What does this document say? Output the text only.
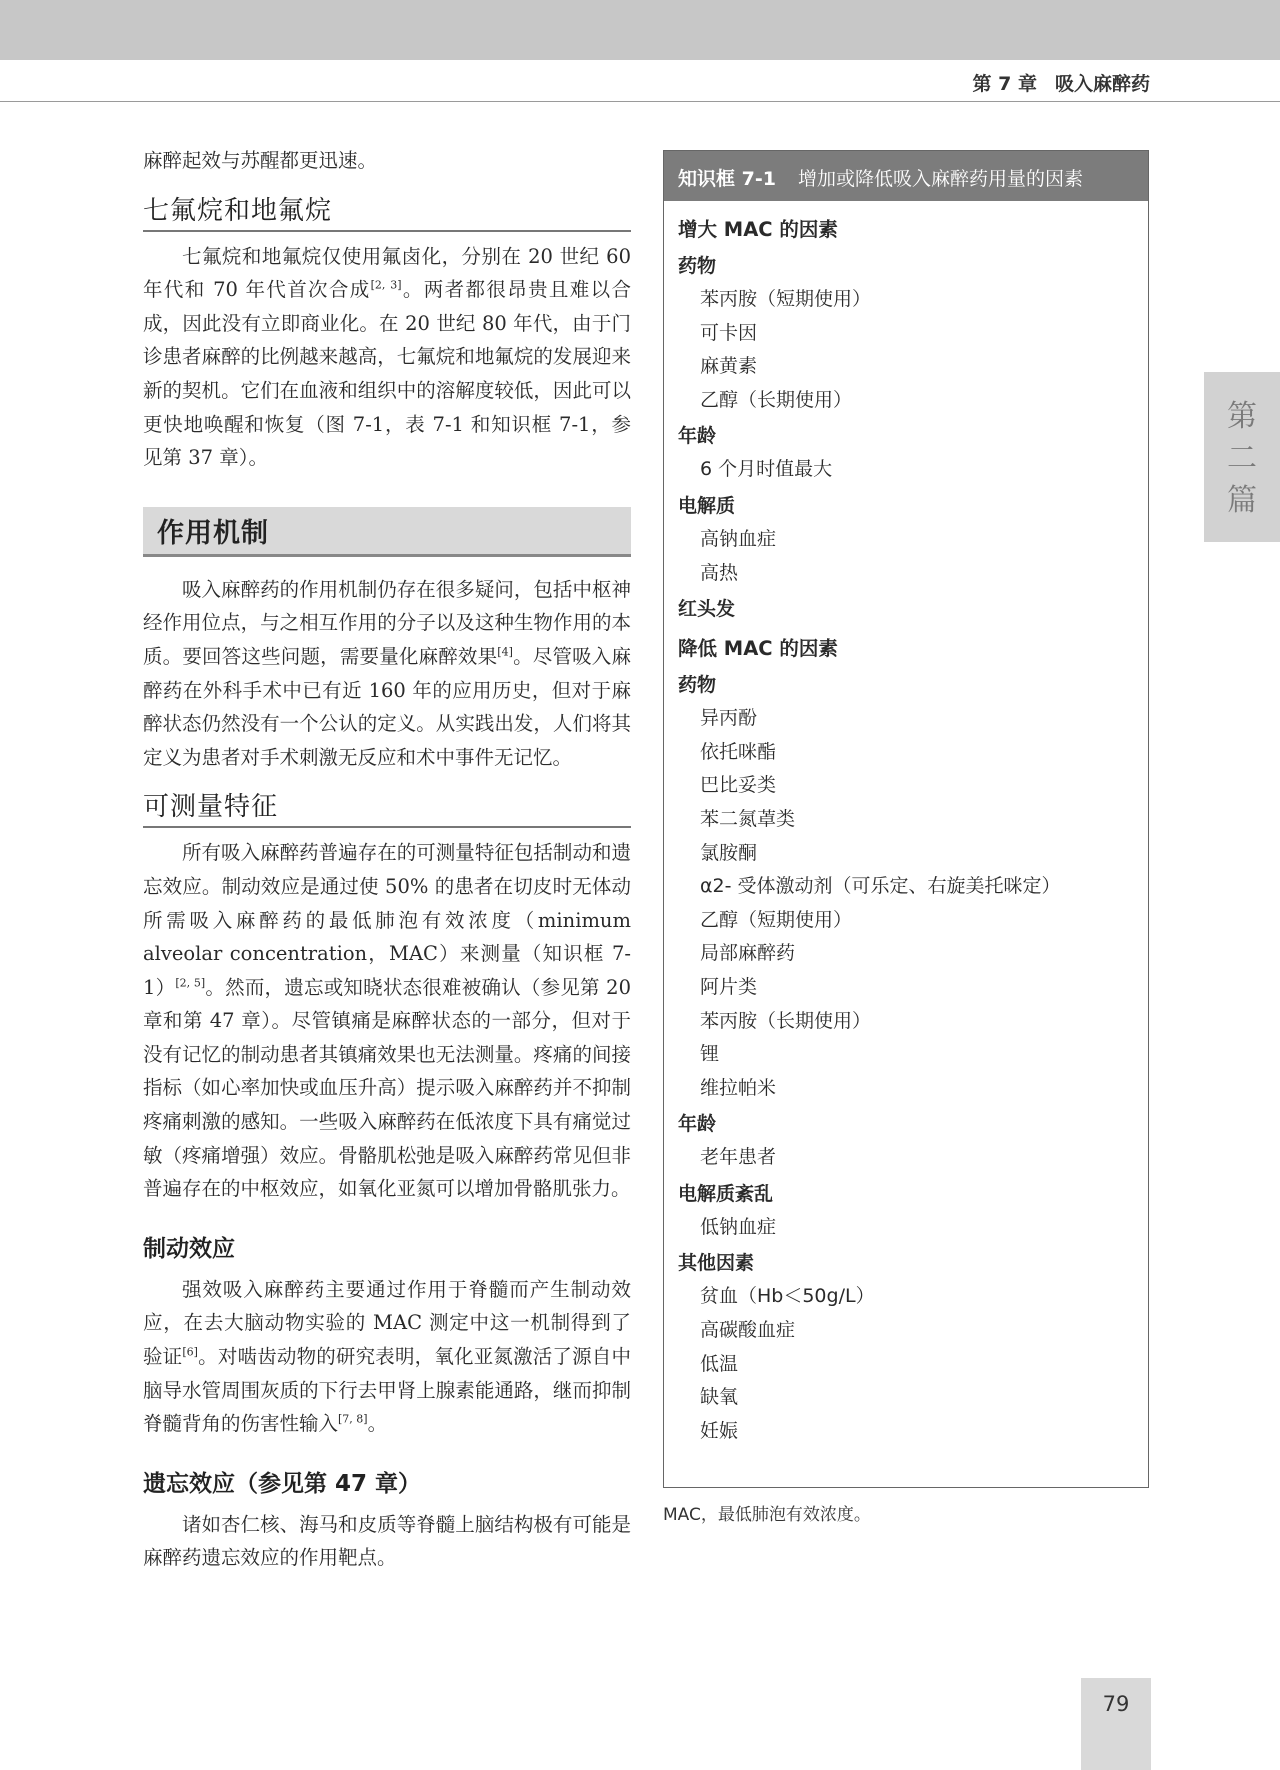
第 7 章 吸入麻醉药

麻醉起效与苏醒都更迅速。

七氟烷和地氟烷

七氟烷和地氟烷仅使用氟卤化，分别在 20 世纪 60 年代和 70 年代首次合成[2, 3]。两者都很昂贵且难以合成，因此没有立即商业化。在 20 世纪 80 年代，由于门诊患者麻醉的比例越来越高，七氟烷和地氟烷的发展迎来新的契机。它们在血液和组织中的溶解度较低，因此可以更快地唤醒和恢复（图 7-1，表 7-1 和知识框 7-1，参见第 37 章）。

作用机制

吸入麻醉药的作用机制仍存在很多疑问，包括中枢神经作用位点，与之相互作用的分子以及这种生物作用的本质。要回答这些问题，需要量化麻醉效果[4]。尽管吸入麻醉药在外科手术中已有近 160 年的应用历史，但对于麻醉状态仍然没有一个公认的定义。从实践出发，人们将其定义为患者对手术刺激无反应和术中事件无记忆。

可测量特征

所有吸入麻醉药普遍存在的可测量特征包括制动和遗忘效应。制动效应是通过使 50% 的患者在切皮时无体动所需吸入麻醉药的最低肺泡有效浓度（minimum alveolar concentration，MAC）来测量（知识框 7-1）[2, 5]。然而，遗忘或知晓状态很难被确认（参见第 20 章和第 47 章）。尽管镇痛是麻醉状态的一部分，但对于没有记忆的制动患者其镇痛效果也无法测量。疼痛的间接指标（如心率加快或血压升高）提示吸入麻醉药并不抑制疼痛刺激的感知。一些吸入麻醉药在低浓度下具有痛觉过敏（疼痛增强）效应。骨骼肌松弛是吸入麻醉药常见但非普遍存在的中枢效应，如氧化亚氮可以增加骨骼肌张力。

制动效应

强效吸入麻醉药主要通过作用于脊髓而产生制动效应，在去大脑动物实验的 MAC 测定中这一机制得到了验证[6]。对啮齿动物的研究表明，氧化亚氮激活了源自中脑导水管周围灰质的下行去甲肾上腺素能通路，继而抑制脊髓背角的伤害性输入[7, 8]。

遗忘效应（参见第 47 章）

诸如杏仁核、海马和皮质等脊髓上脑结构极有可能是麻醉药遗忘效应的作用靶点。

知识框 7-1 增加或降低吸入麻醉药用量的因素
增大 MAC 的因素
药物
苯丙胺（短期使用）
可卡因
麻黄素
乙醇（长期使用）
年龄
6 个月时值最大
电解质
高钠血症
高热
红头发
降低 MAC 的因素
药物
异丙酚
依托咪酯
巴比妥类
苯二氮䓬类
氯胺酮
α2- 受体激动剂（可乐定、右旋美托咪定）
乙醇（短期使用）
局部麻醉药
阿片类
苯丙胺（长期使用）
锂
维拉帕米
年龄
老年患者
电解质紊乱
低钠血症
其他因素
贫血（Hb＜50g/L）
高碳酸血症
低温
缺氧
妊娠
MAC，最低肺泡有效浓度。
第
二
篇
79
